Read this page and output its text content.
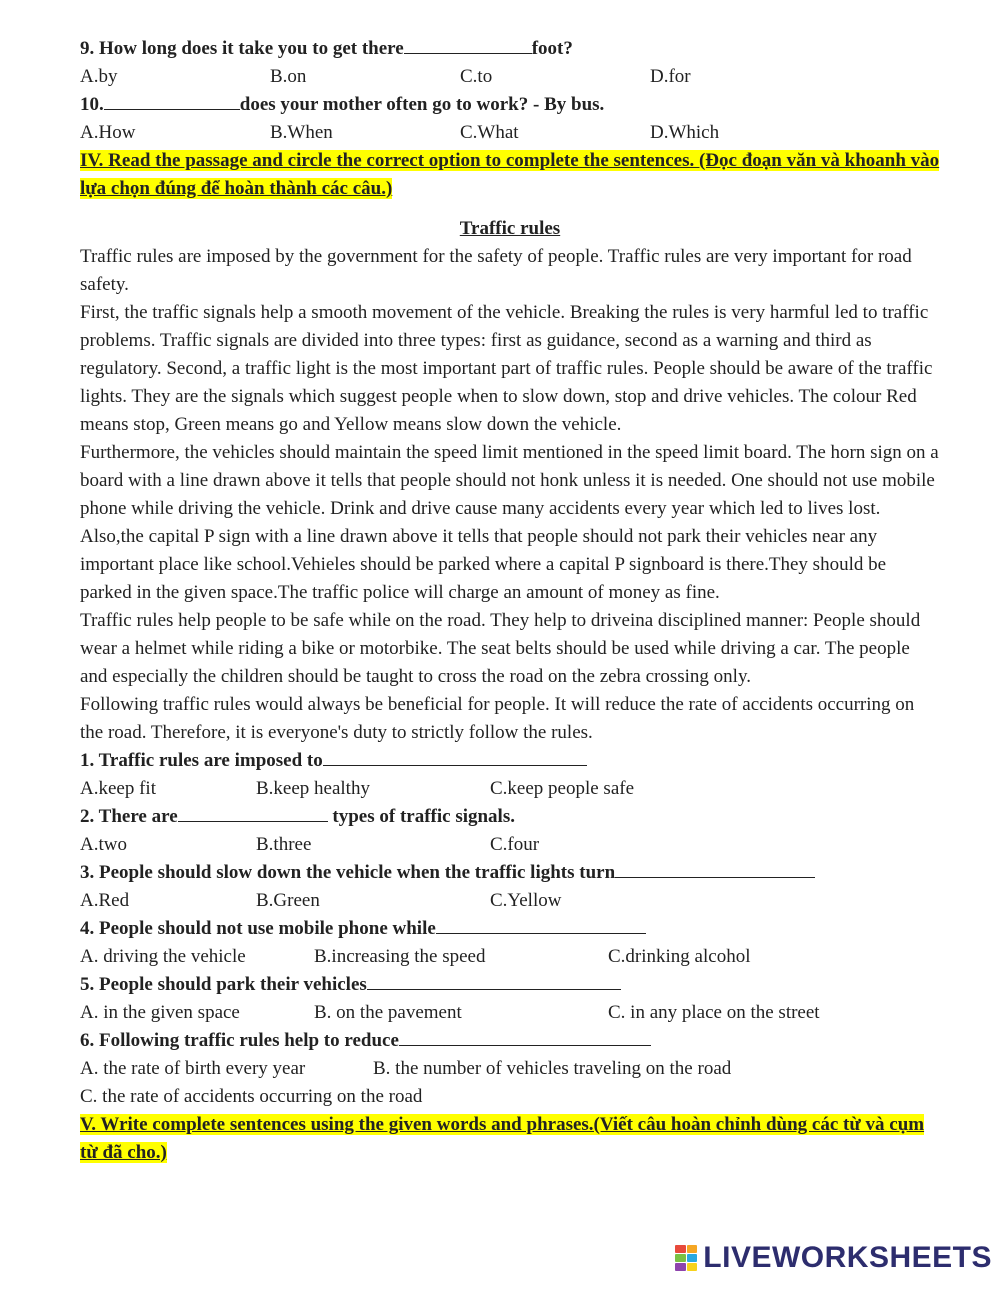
9. How long does it take you to get there	foot?
A.by	B.on	C.to	D.for
10.	does your mother often go to work? - By bus.
A.How	B.When	C.What	D.Which
IV. Read the passage and circle the correct option to complete the sentences. (Đọc đoạn văn và khoanh vào lựa chọn đúng để hoàn thành các câu.)
Traffic rules

Traffic rules are imposed by the government for the safety of people. Traffic rules are very important for road safety.

First, the traffic signals help a smooth movement of the vehicle. Breaking the rules is very harmful led to traffic problems. Traffic signals are divided into three types: first as guidance, second as a warning and third as regulatory. Second, a traffic light is the most important part of traffic rules. People should be aware of the traffic lights. They are the signals which suggest people when to slow down, stop and drive vehicles. The colour Red means stop, Green means go and Yellow means slow down the vehicle.

Furthermore, the vehicles should maintain the speed limit mentioned in the speed limit board. The horn sign on a board with a line drawn above it tells that people should not honk unless it is needed. One should not use mobile phone while driving the vehicle. Drink and drive cause many accidents every year which led to lives lost.

Also,the capital P sign with a line drawn above it tells that people should not park their vehicles near any important place like school.Vehieles should be parked where a capital P signboard is there.They should be parked in the given space.The traffic police will charge an amount of money as fine.

Traffic rules help people to be safe while on the road. They help to driveina disciplined manner: People should wear a helmet while riding a bike or motorbike. The seat belts should be used while driving a car. The people and especially the children should be taught to cross the road on the zebra crossing only.

Following traffic rules would always be beneficial for people. It will reduce the rate of accidents occurring on the road. Therefore, it is everyone's duty to strictly follow the rules.

1. Traffic rules are imposed to
A.keep fit	B.keep healthy	C.keep people safe
2. There are	types of traffic signals.
A.two	B.three	C.four
3. People should slow down the vehicle when the traffic lights turn
A.Red	B.Green	C.Yellow
4. People should not use mobile phone while
A. driving the vehicle	B.increasing the speed	C.drinking alcohol
5. People should park their vehicles
A. in the given space	B. on the pavement	C. in any place on the street
6. Following traffic rules help to reduce
A. the rate of birth every year	B. the number of vehicles traveling on the road
C. the rate of accidents occurring on the road
V. Write complete sentences using the given words and phrases.(Viết câu hoàn chỉnh dùng các từ và cụm từ đã cho.)
LIVEWORKSHEETS
